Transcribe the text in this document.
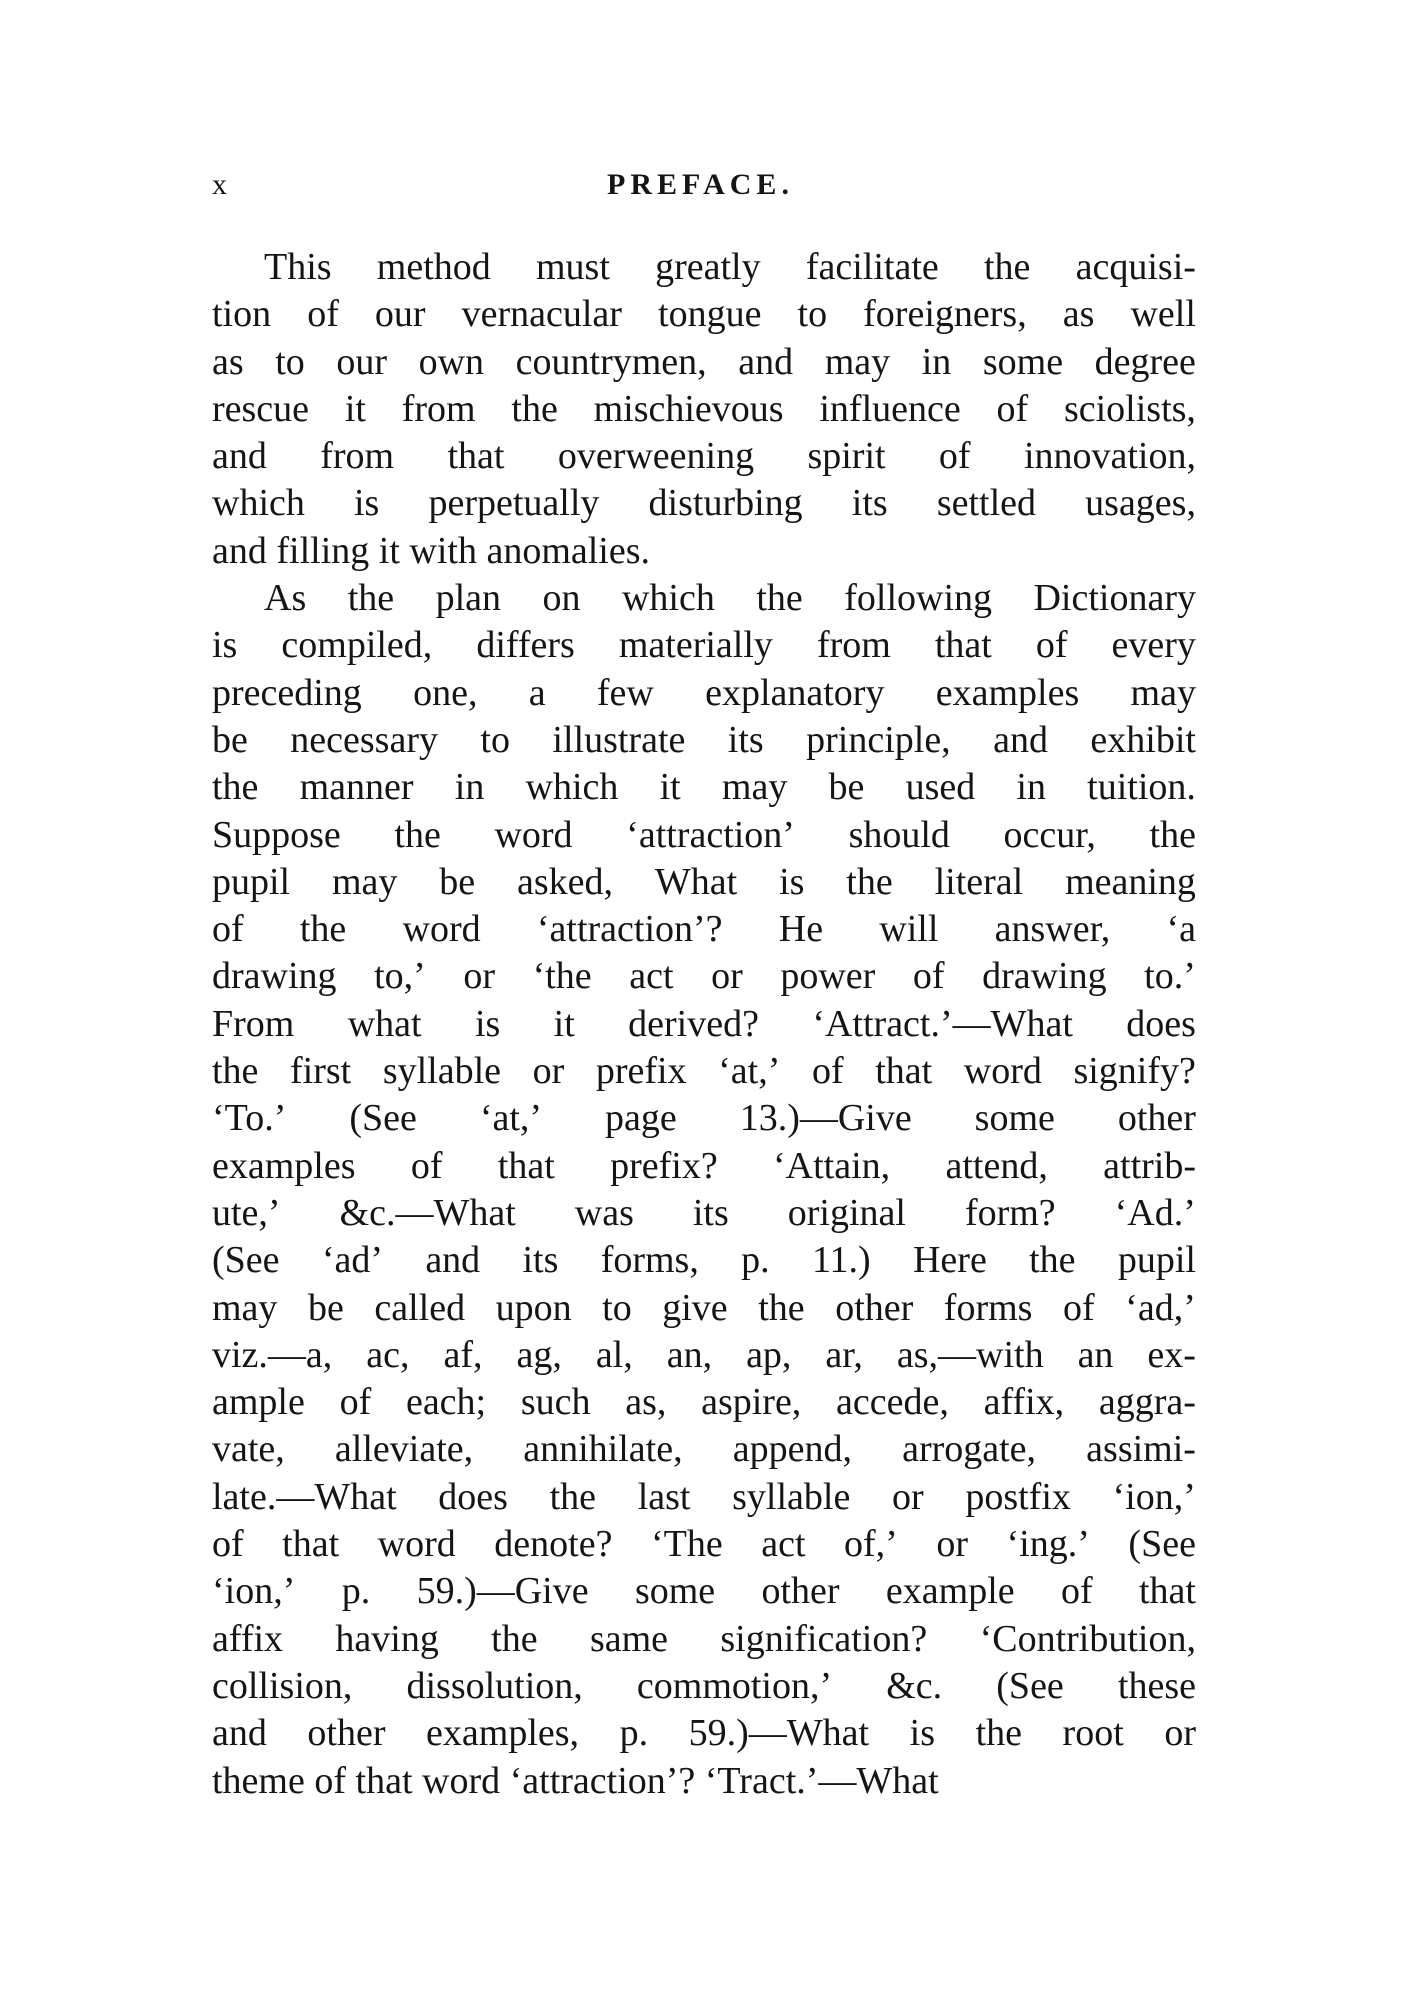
x	PREFACE.
This method must greatly facilitate the acquisi-
tion of our vernacular tongue to foreigners, as well
as to our own countrymen, and may in some degree
rescue it from the mischievous influence of sciolists,
and from that overweening spirit of innovation,
which is perpetually disturbing its settled usages,
and filling it with anomalies.
As the plan on which the following Dictionary
is compiled, differs materially from that of every
preceding one, a few explanatory examples may
be necessary to illustrate its principle, and exhibit
the manner in which it may be used in tuition.
Suppose the word ‘attraction’ should occur, the
pupil may be asked, What is the literal meaning
of the word ‘attraction’? He will answer, ‘a
drawing to,’ or ‘the act or power of drawing to.’
From what is it derived? ‘Attract.’—What does
the first syllable or prefix ‘at,’ of that word signify?
‘To.’ (See ‘at,’ page 13.)—Give some other
examples of that prefix? ‘Attain, attend, attrib-
ute,’ &c.—What was its original form? ‘Ad.’
(See ‘ad’ and its forms, p. 11.) Here the pupil
may be called upon to give the other forms of ‘ad,’
viz.—a, ac, af, ag, al, an, ap, ar, as,—with an ex-
ample of each; such as, aspire, accede, affix, aggra-
vate, alleviate, annihilate, append, arrogate, assimi-
late.—What does the last syllable or postfix ‘ion,’
of that word denote? ‘The act of,’ or ‘ing.’ (See
‘ion,’ p. 59.)—Give some other example of that
affix having the same signification? ‘Contribution,
collision, dissolution, commotion,’ &c. (See these
and other examples, p. 59.)—What is the root or
theme of that word ‘attraction’? ‘Tract.’—What
